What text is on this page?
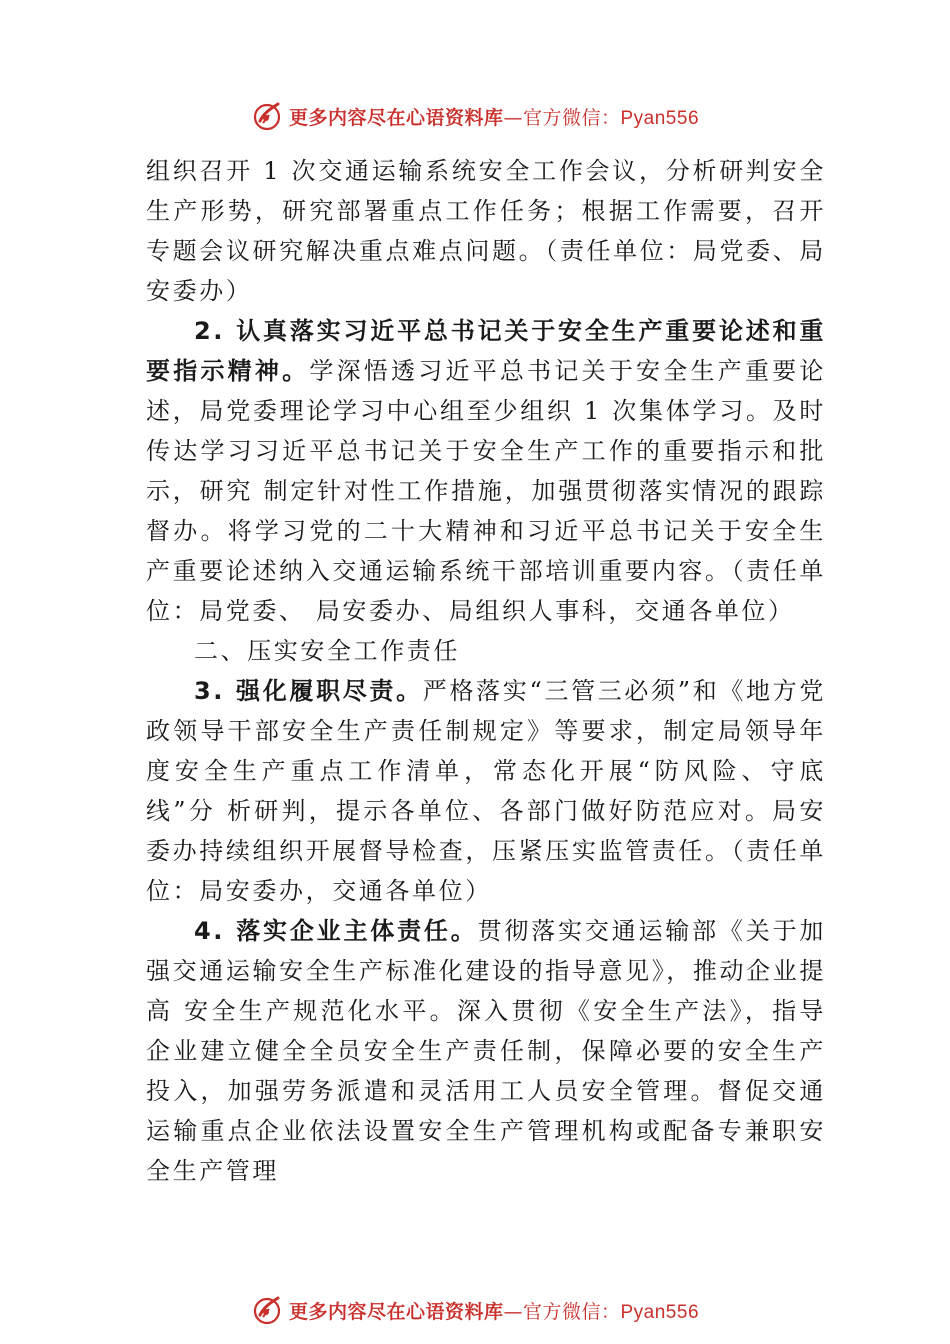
更多内容尽在心语资料库—官方微信：Pyan556

组织召开 1 次交通运输系统安全工作会议，分析研判安全生产形势，研究部署重点工作任务；根据工作需要，召开专题会议研究解决重点难点问题。（责任单位：局党委、局安委办）

2. 认真落实习近平总书记关于安全生产重要论述和重要指示精神。学深悟透习近平总书记关于安全生产重要论述，局党委理论学习中心组至少组织 1 次集体学习。及时传达学习习近平总书记关于安全生产工作的重要指示和批示，研究 制定针对性工作措施，加强贯彻落实情况的跟踪督办。将学习党的二十大精神和习近平总书记关于安全生产重要论述纳入交通运输系统干部培训重要内容。（责任单位：局党委、 局安委办、局组织人事科，交通各单位）

二、压实安全工作责任

3. 强化履职尽责。严格落实“三管三必须”和《地方党政领导干部安全生产责任制规定》等要求，制定局领导年度安全生产重点工作清单，常态化开展“防风险、守底线”分 析研判，提示各单位、各部门做好防范应对。局安委办持续组织开展督导检查，压紧压实监管责任。（责任单位：局安委办，交通各单位）

4. 落实企业主体责任。贯彻落实交通运输部《关于加强交通运输安全生产标准化建设的指导意见》，推动企业提高 安全生产规范化水平。深入贯彻《安全生产法》，指导企业建立健全全员安全生产责任制，保障必要的安全生产投入，加强劳务派遣和灵活用工人员安全管理。督促交通运输重点企业依法设置安全生产管理机构或配备专兼职安全生产管理

更多内容尽在心语资料库—官方微信：Pyan556
